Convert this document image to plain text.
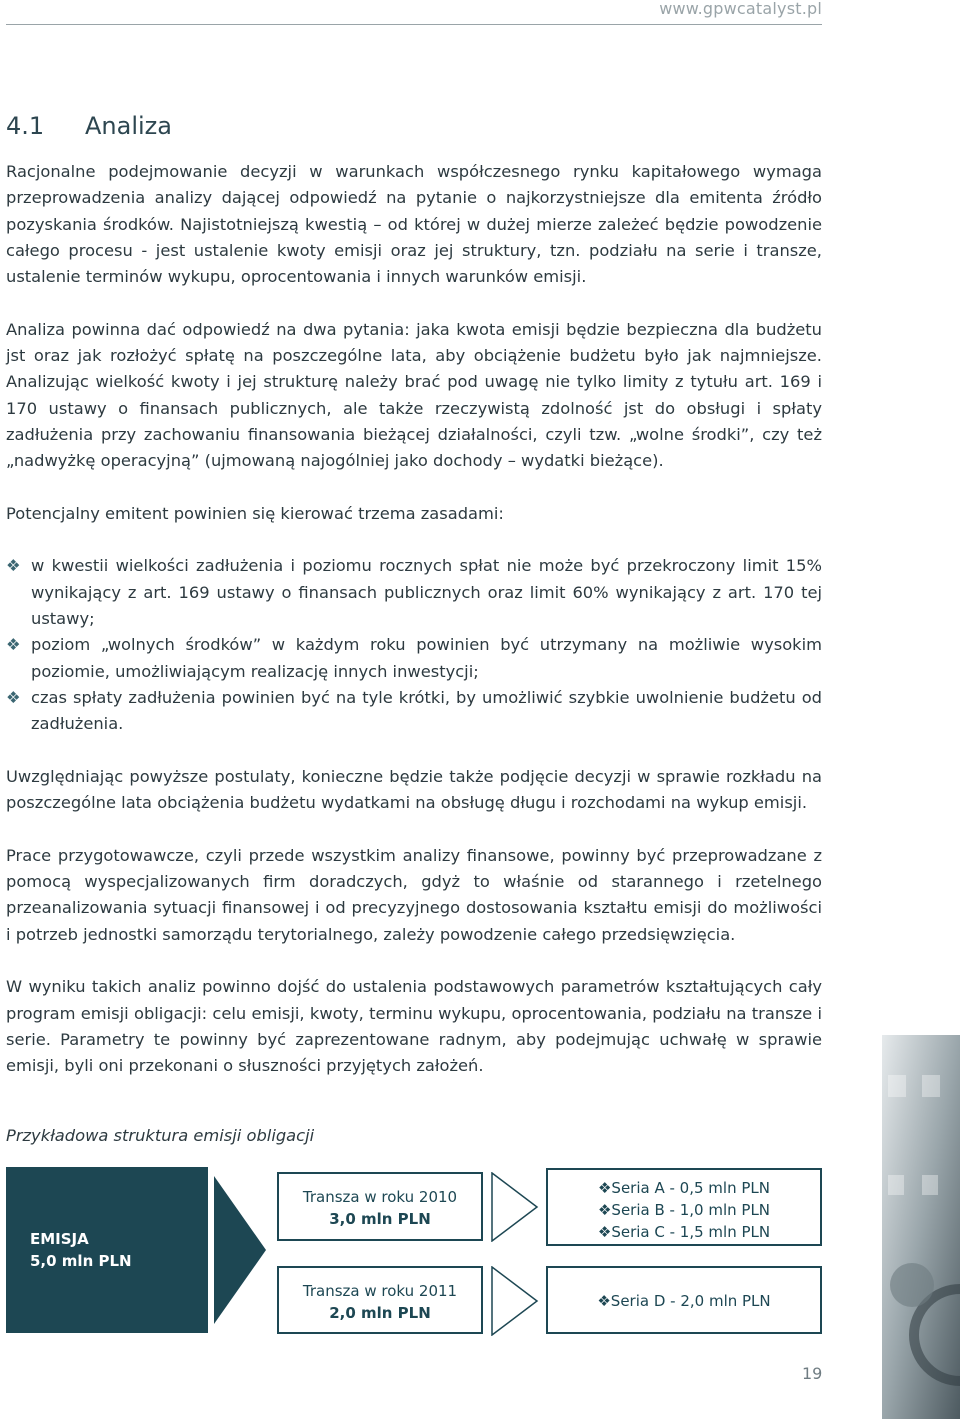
www.gpwcatalyst.pl
4.1 Analiza

Racjonalne podejmowanie decyzji w warunkach współczesnego rynku kapitałowego wymaga przeprowadzenia analizy dającej odpowiedź na pytanie o najkorzystniejsze dla emitenta źródło pozyskania środków. Najistotniejszą kwestią – od której w dużej mierze zależeć będzie powodzenie całego procesu - jest ustalenie kwoty emisji oraz jej struktury, tzn. podziału na serie i transze, ustalenie terminów wykupu, oprocentowania i innych warunków emisji.

Analiza powinna dać odpowiedź na dwa pytania: jaka kwota emisji będzie bezpieczna dla budżetu jst oraz jak rozłożyć spłatę na poszczególne lata, aby obciążenie budżetu było jak najmniejsze. Analizując wielkość kwoty i jej strukturę należy brać pod uwagę nie tylko limity z tytułu art. 169 i 170 ustawy o finansach publicznych, ale także rzeczywistą zdolność jst do obsługi i spłaty zadłużenia przy zachowaniu finansowania bieżącej działalności, czyli tzw. „wolne środki”, czy też „nadwyżkę operacyjną” (ujmowaną najogólniej jako dochody – wydatki bieżące).

Potencjalny emitent powinien się kierować trzema zasadami:

❖ w kwestii wielkości zadłużenia i poziomu rocznych spłat nie może być przekroczony limit 15% wynikający z art. 169 ustawy o finansach publicznych oraz limit 60% wynikający z art. 170 tej ustawy;
❖ poziom „wolnych środków” w każdym roku powinien być utrzymany na możliwie wysokim poziomie, umożliwiającym realizację innych inwestycji;
❖ czas spłaty zadłużenia powinien być na tyle krótki, by umożliwić szybkie uwolnienie budżetu od zadłużenia.

Uwzględniając powyższe postulaty, konieczne będzie także podjęcie decyzji w sprawie rozkładu na poszczególne lata obciążenia budżetu wydatkami na obsługę długu i rozchodami na wykup emisji.

Prace przygotowawcze, czyli przede wszystkim analizy finansowe, powinny być przeprowadzane z pomocą wyspecjalizowanych firm doradczych, gdyż to właśnie od starannego i rzetelnego przeanalizowania sytuacji finansowej i od precyzyjnego dostosowania kształtu emisji do możliwości i potrzeb jednostki samorządu terytorialnego, zależy powodzenie całego przedsięwzięcia.

W wyniku takich analiz powinno dojść do ustalenia podstawowych parametrów kształtujących cały program emisji obligacji: celu emisji, kwoty, terminu wykupu, oprocentowania, podziału na transze i serie. Parametry te powinny być zaprezentowane radnym, aby podejmując uchwałę w sprawie emisji, byli oni przekonani o słuszności przyjętych założeń.

Przykładowa struktura emisji obligacji
EMISJA
5,0 mln PLN
Transza w roku 2010
3,0 mln PLN
Transza w roku 2011
2,0 mln PLN
❖Seria A - 0,5 mln PLN
❖Seria B - 1,0 mln PLN
❖Seria C - 1,5 mln PLN
❖Seria D - 2,0 mln PLN
19
